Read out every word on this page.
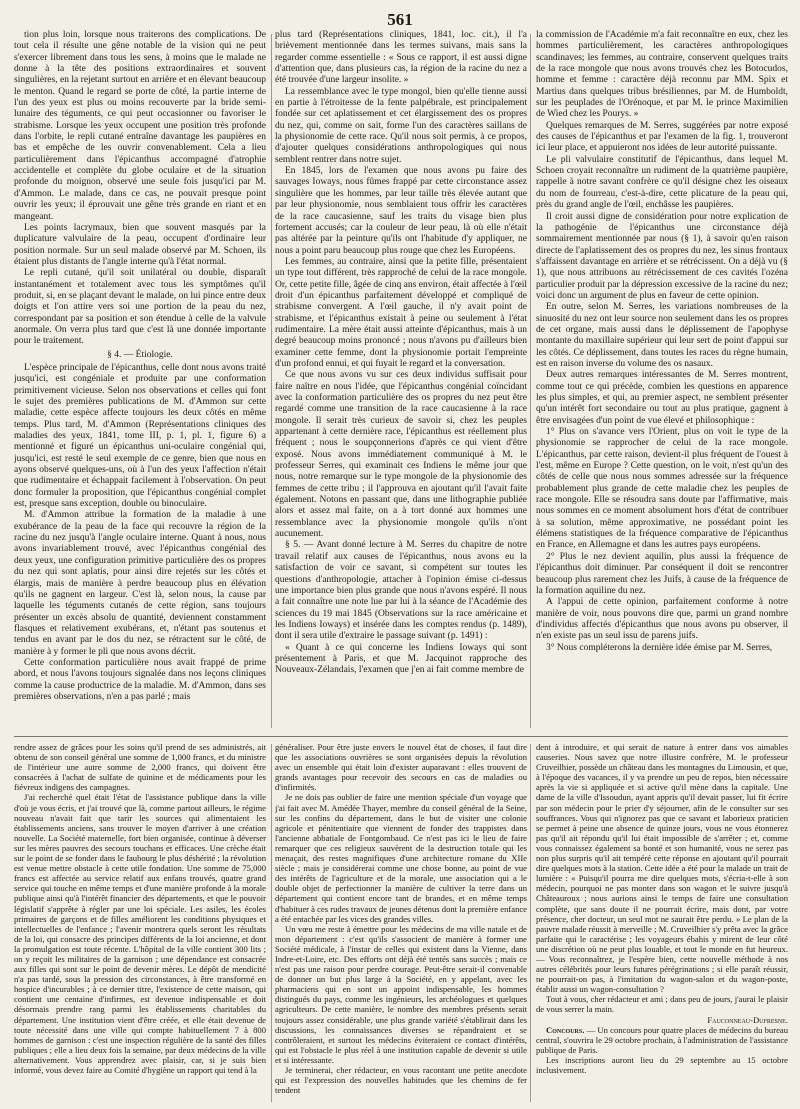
561

tion plus loin, lorsque nous traiterons des complications. De tout cela il résulte une gêne notable de la vision qui ne peut s'exercer librement dans tous les sens, à moins que le malade ne donne à la tête des positions extraordinaires et souvent singulières, en la rejetant surtout en arrière et en élevant beaucoup le menton. Quand le regard se porte de côté, la partie interne de l'un des yeux est plus ou moins recouverte par la bride semi-lunaire des téguments, ce qui peut occasionner ou favoriser le strabisme. Lorsque les yeux occupent une position très profonde dans l'orbite, le repli cutané entraîne davantage les paupières en bas et empêche de les ouvrir convenablement. Cela a lieu particulièrement dans l'épicanthus accompagné d'atrophie accidentelle et complète du globe oculaire et de la situation profonde du moignon, observé une seule fois jusqu'ici par M. d'Ammon. Le malade, dans ce cas, ne pouvait presque point ouvrir les yeux; il éprouvait une gêne très grande en riant et en mangeant.

Les points lacrymaux, bien que souvent masqués par la duplicature valvulaire de la peau, occupent d'ordinaire leur position normale. Sur un seul malade observé par M. Schoen, ils étaient plus distants de l'angle interne qu'à l'état normal.

Le repli cutané, qu'il soit unilatéral ou double, disparaît instantanément et totalement avec tous les symptômes qu'il produit, si, en se plaçant devant le malade, on lui pince entre deux doigts et l'on attire vers soi une portion de la peau du nez, correspondant par sa position et son étendue à celle de la valvule anormale. On verra plus tard que c'est là une donnée importante pour le traitement.

§ 4. — Étiologie.

L'espèce principale de l'épicanthus, celle dont nous avons traité jusqu'ici, est congéniale et produite par une conformation primitivement vicieuse. Selon nos observations et celles qui font le sujet des premières publications de M. d'Ammon sur cette maladie, cette espèce affecte toujours les deux côtés en même temps. Plus tard, M. d'Ammon (Représentations cliniques des maladies des yeux, 1841, tome III, p. 1, pl. 1, figure 6) a mentionné et figuré un épicanthus uni-oculaire congénial qui, jusqu'ici, est resté le seul exemple de ce genre, bien que nous en ayons observé quelques-uns, où à l'un des yeux l'affection n'était que rudimentaire et échappait facilement à l'observation. On peut donc formuler la proposition, que l'épicanthus congénial complet est, presque sans exception, double ou binoculaire.

M. d'Ammon attribue la formation de la maladie à une exubérance de la peau de la face qui recouvre la région de la racine du nez jusqu'à l'angle oculaire interne. Quant à nous, nous avons invariablement trouvé, avec l'épicanthus congénial des deux yeux, une configuration primitive particulière des os propres du nez qui sont aplatis, pour ainsi dire rejetés sur les côtés et élargis, mais de manière à perdre beaucoup plus en élévation qu'ils ne gagnent en largeur. C'est là, selon nous, la cause par laquelle les téguments cutanés de cette région, sans toujours présenter un excès absolu de quantité, deviennent constamment flasques et relativement exubérans, et, n'étant pas soutenus et tendus en avant par le dos du nez, se rétractent sur le côté, de manière à y former le pli que nous avons décrit.

Cette conformation particulière nous avait frappé de prime abord, et nous l'avons toujours signalée dans nos leçons cliniques comme la cause productrice de la maladie. M. d'Ammon, dans ses premières observations, n'en a pas parlé ; mais

plus tard (Représentations cliniques, 1841, loc. cit.), il l'a brièvement mentionnée dans les termes suivans, mais sans la regarder comme essentielle : « Sous ce rapport, il est aussi digne d'attention que, dans plusieurs cas, la région de la racine du nez a été trouvée d'une largeur insolite. »

La ressemblance avec le type mongol, bien qu'elle tienne aussi en partie à l'étroitesse de la fente palpébrale, est principalement fondée sur cet aplatissement et cet élargissement des os propres du nez, qui, comme on sait, forme l'un des caractères saillans de la physionomie de cette race. Qu'il nous soit permis, à ce propos, d'ajouter quelques considérations anthropologiques qui nous semblent rentrer dans notre sujet.

En 1845, lors de l'examen que nous avons pu faire des sauvages Ioways, nous fûmes frappé par cette circonstance assez singulière que les hommes, par leur taille très élevée autant que par leur physionomie, nous semblaient tous offrir les caractères de la race caucasienne, sauf les traits du visage bien plus fortement accusés; car la couleur de leur peau, là où elle n'était pas altérée par la peinture qu'ils ont l'habitude d'y appliquer, ne nous a point paru beaucoup plus rouge que chez les Européens.

Les femmes, au contraire, ainsi que la petite fille, présentaient un type tout différent, très rapproché de celui de la race mongole. Or, cette petite fille, âgée de cinq ans environ, était affectée à l'œil droit d'un épicanthus parfaitement développé et compliqué de strabisme convergent. A l'œil gauche, il n'y avait point de strabisme, et l'épicanthus existait à peine ou seulement à l'état rudimentaire. La mère était aussi atteinte d'épicanthus, mais à un degré beaucoup moins prononcé ; nous n'avons pu d'ailleurs bien examiner cette femme, dont la physionomie portait l'empreinte d'un profond ennui, et qui fuyait le regard et la conversation.

Ce que nous avons vu sur ces deux individus suffisait pour faire naître en nous l'idée, que l'épicanthus congénial coïncidant avec la conformation particulière des os propres du nez peut être regardé comme une transition de la race caucasienne à la race mongole. Il serait très curieux de savoir si, chez les peuples appartenant à cette dernière race, l'épicanthus est réellement plus fréquent ; nous le soupçonnerions d'après ce qui vient d'être exposé. Nous avons immédiatement communiqué à M. le professeur Serres, qui examinait ces Indiens le même jour que nous, notre remarque sur le type mongole de la physionomie des femmes de cette tribu ; il l'approuva en ajoutant qu'il l'avait faite également. Notons en passant que, dans une lithographie publiée alors et assez mal faite, on a à tort donné aux hommes une ressemblance avec la physionomie mongole qu'ils n'ont aucunement.

§ 5. — Avant donné lecture à M. Serres du chapitre de notre travail relatif aux causes de l'épicanthus, nous avons eu la satisfaction de voir ce savant, si compétent sur toutes les questions d'anthropologie, attacher à l'opinion émise ci-dessus une importance bien plus grande que nous n'avons espéré. Il nous a fait connaître une note lue par lui à la séance de l'Académie des sciences du 19 mai 1845 (Observations sur la race américaine et les Indiens Ioways) et insérée dans les comptes rendus (p. 1489), dont il sera utile d'extraire le passage suivant (p. 1491) :

« Quant à ce qui concerne les Indiens Ioways qui sont présentement à Paris, et que M. Jacquinot rapproche des Nouveaux-Zélandais, l'examen que j'en ai fait comme membre de

la commission de l'Académie m'a fait reconnaître en eux, chez les hommes particulièrement, les caractères anthropologiques scandinaves; les femmes, au contraire, conservent quelques traits de la race mongole que nous avons trouvés chez les Botocudos, homme et femme : caractère déjà reconnu par MM. Spix et Martius dans quelques tribus brésiliennes, par M. de Humboldt, sur les peuplades de l'Orénoque, et par M. le prince Maximilien de Wied chez les Pourys. »

Quelques remarques de M. Serres, suggérées par notre exposé des causes de l'épicanthus et par l'examen de la fig. 1, trouveront ici leur place, et appuieront nos idées de leur autorité puissante.

Le pli valvulaire constitutif de l'épicanthus, dans lequel M. Schoen croyait reconnaître un rudiment de la quatrième paupière, rappelle à notre savant confrère ce qu'il désigne chez les oiseaux du nom de fourreau, c'est-à-dire, cette plicature de la peau qui, près du grand angle de l'œil, enchâsse les paupières.

Il croit aussi digne de considération pour notre explication de la pathogénie de l'épicanthus une circonstance déjà sommairement mentionnée par nous (§ 1), à savoir qu'en raison directe de l'aplatissement des os propres du nez, les sinus frontaux s'affaissent davantage en arrière et se rétrécissent. On a déjà vu (§ 1), que nous attribuons au rétrécissement de ces cavités l'ozéna particulier produit par la dépression excessive de la racine du nez; voici donc un argument de plus en faveur de cette opinion.

En outre, selon M. Serres, les variations nombreuses de la sinuosité du nez ont leur source non seulement dans les os propres de cet organe, mais aussi dans le déplissement de l'apophyse montante du maxillaire supérieur qui leur sert de point d'appui sur les côtés. Ce déplissement, dans toutes les races du règne humain, est en raison inverse du volume des os nasaux.

Deux autres remarques intéressantes de M. Serres montrent, comme tout ce qui précède, combien les questions en apparence les plus simples, et qui, au premier aspect, ne semblent présenter qu'un intérêt fort secondaire ou tout au plus pratique, gagnent à être envisagées d'un point de vue élevé et philosophique :

1° Plus on s'avance vers l'Orient, plus on voit le type de la physionomie se rapprocher de celui de la race mongole. L'épicanthus, par cette raison, devient-il plus fréquent de l'ouest à l'est, même en Europe ? Cette question, on le voit, n'est qu'un des côtés de celle que nous nous sommes adressée sur la fréquence probablement plus grande de cette maladie chez les peuples de race mongole. Elle se résoudra sans doute par l'affirmative, mais nous sommes en ce moment absolument hors d'état de contribuer à sa solution, même approximative, ne possédant point les élémens statistiques de la fréquence comparative de l'épicanthus en France, en Allemagne et dans les autres pays européens.

2° Plus le nez devient aquilin, plus aussi la fréquence de l'épicanthus doit diminuer. Par conséquent il doit se rencontrer beaucoup plus rarement chez les Juifs, à cause de la fréquence de la formation aquiline du nez.

A l'appui de cette opinion, parfaitement conforme à notre manière de voir, nous pouvons dire que, parmi un grand nombre d'individus affectés d'épicanthus que nous avons pu observer, il n'en existe pas un seul issu de parens juifs.

3° Nous compléterons la dernière idée émise par M. Serres,

rendre assez de grâces pour les soins qu'il prend de ses administrés, ait obtenu de son conseil général une somme de 1,000 francs, et du ministre de l'intérieur une autre somme de 2,000 francs, qui doivent être consacrées à l'achat de sulfate de quinine et de médicaments pour les fiévreux indigens des campagnes.

J'ai recherché quel était l'état de l'assistance publique dans la ville d'où je vous écris, et j'ai trouvé que là, comme partout ailleurs, le régime nouveau n'avait fait que tarir les sources qui alimentaient les établissements anciens, sans trouver le moyen d'arriver à une création nouvelle. La Société maternelle, fort bien organisée, continue à déverser sur les mères pauvres des secours touchans et efficaces. Une crèche était sur le point de se fonder dans le faubourg le plus déshérité ; la révolution est venue mettre obstacle à cette utile fondation. Une somme de 75,000 francs est affectée au service relatif aux enfans trouvés, quatre grand service qui touche en même temps et d'une manière profonde à la morale publique ainsi qu'à l'intérêt financier des départements, et que le pouvoir législatif s'apprête à régler par une loi spéciale. Les asiles, les écoles primaires de garçons et de filles améliorent les conditions physiques et intellectuelles de l'enfance ; l'avenir montrera quels seront les résultats de la loi, qui consacre des principes différents de la loi ancienne, et dont la promulgation est toute récente. L'hôpital de la ville contient 300 lits ; on y reçoit les militaires de la garnison ; une dépendance est consacrée aux filles qui sont sur le point de devenir mères. Le dépôt de mendicité n'a pas tardé, sous la pression des circonstances, à être transformé en hospice d'incurables ; à ce dernier titre, l'existence de cette maison, qui contient une centaine d'infirmes, est devenue indispensable et doit désormais prendre rang parmi les établissements charitables du département. Une institution vient d'être créée, et elle était devenue de toute nécessité dans une ville qui compte habituellement 7 à 800 hommes de garnison : c'est une inspection régulière de la santé des filles publiques ; elle a lieu deux fois la semaine, par deux médecins de la ville alternativement. Vous apprendrez avec plaisir, car, si je suis bien informé, vous devez faire au Comité d'hygiène un rapport qui tend à la

généraliser. Pour être juste envers le nouvel état de choses, il faut dire que les associations ouvrières se sont organisées depuis la révolution avec un ensemble qui était loin d'exister auparavant : elles trouvent de grands avantages pour recevoir des secours en cas de maladies ou d'infirmités.

Je ne dois pas oublier de faire une mention spéciale d'un voyage que j'ai fait avec M. Amédée Thayer, membre du conseil général de la Seine, sur les confins du département, dans le but de visiter une colonie agricole et pénitentiaire que viennent de fonder des trappistes dans l'ancienne abbatiale de Fontgombaud. Ce n'est pas ici le lieu de faire remarquer que ces religieux sauvèrent de la destruction totale qui les menaçait, des restes magnifiques d'une architecture romane du XIIe siècle ; mais je considérerai comme une chose bonne, au point de vue des intérêts de l'agriculture et de la morale, une association qui a le double objet de perfectionner la manière de cultiver la terre dans un département qui contient encore tant de brandes, et en même temps d'habituer à ces rudes travaux de jeunes détenus dont la première enfance a été entachée par les vices des grandes villes.

Un vœu me reste à émettre pour les médecins de ma ville natale et de mon département : c'est qu'ils s'associent de manière à former une Société médicale, à l'instar de celles qui existent dans la Vienne, dans Indre-et-Loire, etc. Des efforts ont déjà été tentés sans succès ; mais ce n'est pas une raison pour perdre courage. Peut-être serait-il convenable de donner un but plus large à la Société, en y appelant, avec les pharmaciens qui en sont un appoint indispensable, les hommes distingués du pays, comme les ingénieurs, les archéologues et quelques agriculteurs. De cette manière, le nombre des membres présents serait toujours assez considérable, une plus grande variété s'établirait dans les discussions, les connaissances diverses se répandraient et se contrôleraient, et surtout les médecins éviteraient ce contact d'intérêts, qui est l'obstacle le plus réel à une institution capable de devenir si utile et si intéressante.

Je terminerai, cher rédacteur, en vous racontant une petite anecdote qui est l'expression des nouvelles habitudes que les chemins de fer tendent

dent à introduire, et qui serait de nature à entrer dans vos aimables causeries. Nous savez que notre illustre confrère, M. le professeur Cruveilhier, possède un château dans les montagnes du Limousin, et que, à l'époque des vacances, il y va prendre un peu de repos, bien nécessaire après la vie si appliquée et si active qu'il mène dans la capitale. Une dame de la ville d'Issoudun, ayant appris qu'il devait passer, lui fit écrire par son médecin pour le prier d'y séjourner, afin de le consulter sur ses souffrances. Vous qui n'ignorez pas que ce savant et laborieux praticien se permet à peine une absence de quinze jours, vous ne vous étonnerez pas qu'il ait répondu qu'il lui était impossible de s'arrêter ; et, comme vous connaissez également sa bonté et son humanité, vous ne serez pas non plus surpris qu'il ait tempéré cette réponse en ajoutant qu'il pourrait dire quelques mots à la station. Cette idée a été pour la malade un trait de lumière : « Puisqu'il pourra me dire quelques mots, s'écria-t-elle à son médecin, pourquoi ne pas monter dans son wagon et le suivre jusqu'à Châteauroux ; nous aurions ainsi le temps de faire une consultation complète, que sans doute il ne pourrait écrire, mais dont, par votre présence, cher docteur, un seul mot ne saurait être perdu. » Le plan de la pauvre malade réussit à merveille ; M. Cruveilhier s'y prêta avec la grâce parfaite qui le caractérise ; les voyageurs ébahis y mirent de leur côté une discrétion où ne peut plus louable, et tout le monde en fut heureux. — Vous reconnaîtrez, je l'espère bien, cette nouvelle méthode à nos autres célébrités pour leurs futures pérégrinations ; si elle paraît réussir, ne pourrait-on pas, à l'imitation du wagon-salon et du wagon-poste, établir aussi un wagon-consultation ?

Tout à vous, cher rédacteur et ami ; dans peu de jours, j'aurai le plaisir de vous serrer la main.

Fauconneau-Dufresne.

Concours. — Un concours pour quatre places de médecins du bureau central, s'ouvrira le 29 octobre prochain, à l'administration de l'assistance publique de Paris.

Les inscriptions auront lieu du 29 septembre au 15 octobre inclusivement.
